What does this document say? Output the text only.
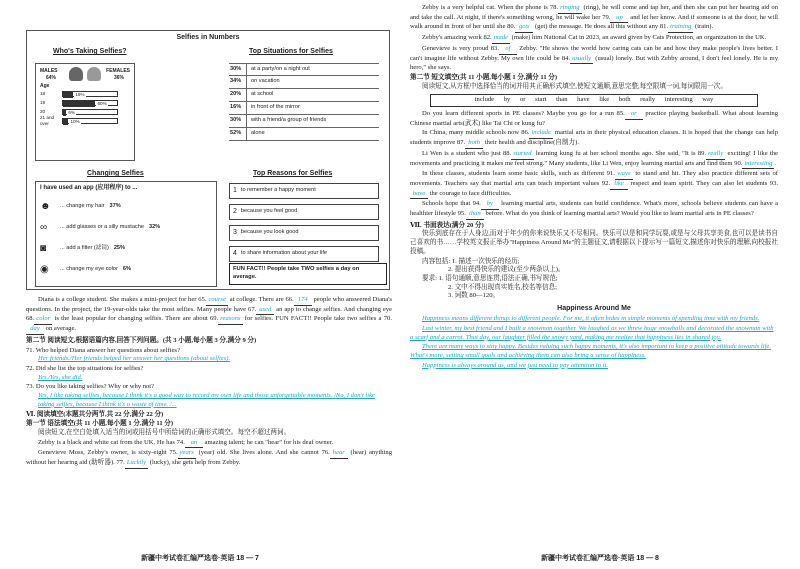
Selfies in Numbers
Who's Taking Selfies?
MALES	FEMALES
64%	36%
Age
18	19%
19	60%
20	6%
21 and over	10%
Top Situations for Selfies
30%	at a party/on a night out
34%	on vacation
20%	at school
16%	in front of the mirror
30%	with a friend/a group of friends
52%	alone
Changing Selfies
I have used an app (应用程序) to ...
☻	... change my hair 37%
∞	... add glasses or a silly mustache 32%
◙	... add a filter (滤镜) 25%
◉	... change my eye color 6%
Top Reasons for Selfies
1 to remember a happy moment
2 because you feel good
3 because you look good
4 to share information about your life
FUN FACT!! People take TWO selfies a day on average.

Diana is a college student. She makes a mini-project for her 65. course at college. There are 66. 174 people who answered Diana's questions. In the project, the 19-year-olds take the most selfies. Many people have 67. used an app to change selfies. And changing eye 68. color is the least popular for changing selfies. There are about 69. reasons for selfies. FUN FACT!! People take two selfies a 70.day on average.

第二节 阅读短文,根据语篇内容,回答下列问题。(共 3 小题,每小题 3 分,满分 9 分)

71. Who helped Diana answer her questions about selfies?

Her friends./Her friends helped her answer her questions (about selfies).

72. Did she list the top situations for selfies?

Yes./Yes, she did.

73. Do you like taking selfies? Why or why not?

Yes, I like taking selfies, because I think it's a good way to record my own life and those unforgettable moments. /No, I don't like taking selfies, because I think it's a waste of time. /...

Ⅵ. 阅读填空(本题共分两节,共 22 分,满分 22 分)

第一节 语法填空(共 11 小题,每小题 1 分,满分 11 分)

阅读短文,在空白处填入适当的词或用括号中所给词的正确形式填空。每空不超过两词。

Zebby is a black and white cat from the UK. He has 74. an amazing talent; he can "hear" for his deaf owner.

Genevieve Moss, Zebby's owner, is sixty-eight 75. years (year) old. She lives alone. And she cannot 76. hear (hear) anything without her hearing aid (助听器). 77. Luckily (lucky), she gets help from Zebby.

新疆中考试卷汇编严选卷·英语 18 — 7

Zebby is a very helpful cat. When the phone is 78. ringing (ring), he will come and tap her, and then she can put her hearing aid on and take the call. At night, if there's something wrong, he will wake her 79. up and let her know. And if someone is at the door, he will walk around in front of her until she 80. gets (get) the message. He does all this without any 81. training (train).

Zebby's amazing work 82. made (make) him National Cat in 2023, an award given by Cats Protection, an organization in the UK.

Genevieve is very proud 83. of Zebby. "He shows the world how caring cats can be and how they make people's lives better. I can't imagine life without Zebby. My own life could be 84. usually (usual) lonely. But with Zebby around, I don't feel lonely. He is my hero," she says.

第二节 短文填空(共 11 小题,每小题 1 分,满分 11 分)

阅读短文,从方框中选择恰当的词并用其正确形式填空,使短文通顺,意思完整,每空限填一词,每词限用一次。

include by or start than have like both really interesting way

Do you learn different sports in PE classes? Maybe you go for a run 85. or practice playing basketball. What about learning Chinese martial arts(武术) like Tai Chi or kung fu?

In China, many middle schools now 86. include martial arts in their physical education classes. It is hoped that the change can help students improve 87. both their health and discipline(自制力).

Li Wen is a student who just 88. started learning kung fu at her school months ago. She said, "It is 89. really exciting! I like the movements and practicing it makes me feel strong." Many students, like Li Wen, enjoy learning martial arts and find them 90. interesting .

In these classes, students learn some basic skills, such as different 91. ways to stand and hit. They also practice different sets of movements. Teachers say that martial arts can teach important values 92. like respect and team spirit. They can also let students 93.have the courage to face difficulties.

Schools hope that 94. by learning martial arts, students can build confidence. What's more, schools believe students can have a healthier lifestyle 95. than before. What do you think of learning martial arts? Would you like to learn martial arts in PE classes?

Ⅶ. 书面表达(满分 20 分)

快乐到底存在于人身边,而对于年少的你来说快乐又不尽相同。快乐可以是和同学玩耍,或是与父母共享美食,也可以是读书自己喜欢的书……学校英文报正举办"Happiness Around Me"的主题征文,请根据以下提示写一篇短文,描述你对快乐的理解,向校报社投稿。

内容包括: 1. 描述一次快乐的经历;

2. 提出获得快乐的建议(至少两条以上)。

要求: 1. 语句通顺,意思连贯,语法正确,书写规范;

2. 文中不得出现真实姓名,校名等信息;

3. 词数 80—120。

Happiness Around Me

Happiness means different things to different people. For me, it often hides in simple moments of spending time with my friends.

Last winter, my best friend and I built a snowman together. We laughed as we threw huge snowballs and decorated the snowman with a scarf and a carrot. That day, our laughter filled the snowy yard, making me realize that happiness lies in shared joy.

There are many ways to stay happy. Besides valuing such happy moments, it's also important to keep a positive attitude towards life. What's more, setting small goals and achieving them can also bring a sense of happiness.

Happiness is always around us, and we just need to pay attention to it.

新疆中考试卷汇编严选卷·英语 18 — 8
